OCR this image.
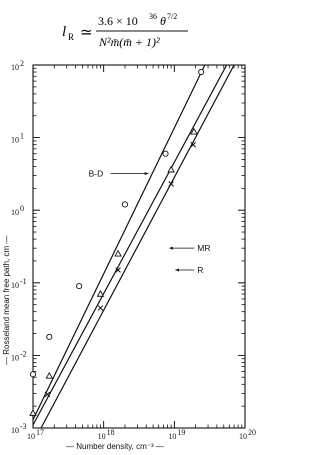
l R ≃
3.6 × 10 36 θ 7/2
N²m̄(m̄ + 1)²
10 17	10 18	10 19	10 20
10 -3
10 -2
10 -1
10 0
10 1
10 2
— Number density, cm⁻³ —
— Rosseland mean free path, cm —
B-D
MR
R
